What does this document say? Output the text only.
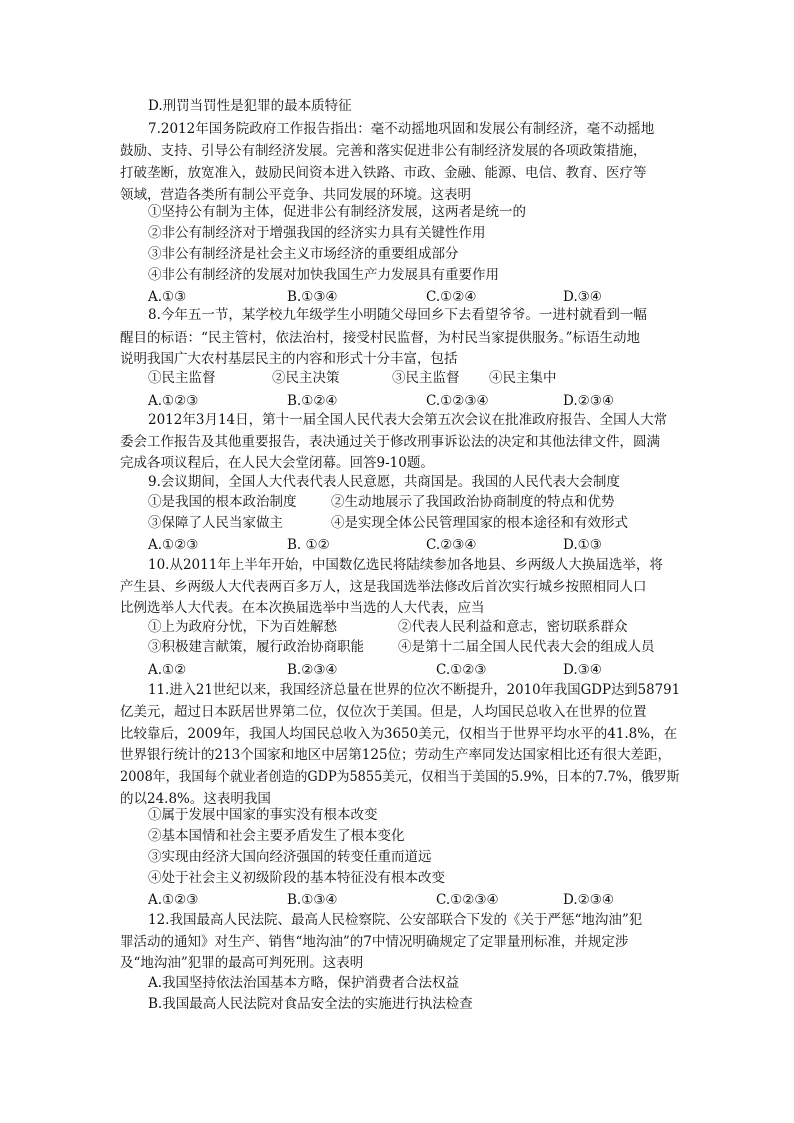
D.刑罚当罚性是犯罪的最本质特征
7.2012年国务院政府工作报告指出：毫不动摇地巩固和发展公有制经济，毫不动摇地
鼓励、支持、引导公有制经济发展。完善和落实促进非公有制经济发展的各项政策措施，
打破垄断，放宽准入，鼓励民间资本进入铁路、市政、金融、能源、电信、教育、医疗等
领域，营造各类所有制公平竞争、共同发展的环境。这表明
①坚持公有制为主体，促进非公有制经济发展，这两者是统一的
②非公有制经济对于增强我国的经济实力具有关键性作用
③非公有制经济是社会主义市场经济的重要组成部分
④非公有制经济的发展对加快我国生产力发展具有重要作用
A.①③	B.①③④	C.①②④	D.③④
8.今年五一节，某学校九年级学生小明随父母回乡下去看望爷爷。一进村就看到一幅
醒目的标语：“民主管村，依法治村，接受村民监督，为村民当家提供服务。”标语生动地
说明我国广大农村基层民主的内容和形式十分丰富，包括
①民主监督	②民主决策	③民主监督 ④民主集中
A.①②③	B.①②④	C.①②③④	D.②③④
2012年3月14日，第十一届全国人民代表大会第五次会议在批准政府报告、全国人大常
委会工作报告及其他重要报告，表决通过关于修改刑事诉讼法的决定和其他法律文件，圆满
完成各项议程后，在人民大会堂闭幕。回答9-10题。
9.会议期间，全国人大代表代表人民意愿，共商国是。我国的人民代表大会制度
①是我国的根本政治制度	②生动地展示了我国政治协商制度的特点和优势
③保障了人民当家做主	④是实现全体公民管理国家的根本途径和有效形式
A.①②③	B. ①②	C.②③④	D.①③
10.从2011年上半年开始，中国数亿选民将陆续参加各地县、乡两级人大换届选举，将
产生县、乡两级人大代表两百多万人，这是我国选举法修改后首次实行城乡按照相同人口
比例选举人大代表。在本次换届选举中当选的人大代表，应当
①上为政府分忧，下为百姓解愁	②代表人民利益和意志，密切联系群众
③积极建言献策，履行政治协商职能	④是第十二届全国人民代表大会的组成人员
A.①②	B.②③④	C.①②③	D.③④
11.进入21世纪以来，我国经济总量在世界的位次不断提升，2010年我国GDP达到58791
亿美元，超过日本跃居世界第二位，仅位次于美国。但是，人均国民总收入在世界的位置
比较靠后，2009年，我国人均国民总收入为3650美元，仅相当于世界平均水平的41.8%，在
世界银行统计的213个国家和地区中居第125位；劳动生产率同发达国家相比还有很大差距，
2008年，我国每个就业者创造的GDP为5855美元，仅相当于美国的5.9%，日本的7.7%，俄罗斯
的以24.8%。这表明我国
①属于发展中国家的事实没有根本改变
②基本国情和社会主要矛盾发生了根本变化
③实现由经济大国向经济强国的转变任重而道远
④处于社会主义初级阶段的基本特征没有根本改变
A.①②③	B.①③④	C.①②③④	D.②③④
12.我国最高人民法院、最高人民检察院、公安部联合下发的《关于严惩“地沟油”犯
罪活动的通知》对生产、销售“地沟油”的7中情况明确规定了定罪量刑标准，并规定涉
及“地沟油”犯罪的最高可判死刑。这表明
A.我国坚持依法治国基本方略，保护消费者合法权益
B.我国最高人民法院对食品安全法的实施进行执法检查
